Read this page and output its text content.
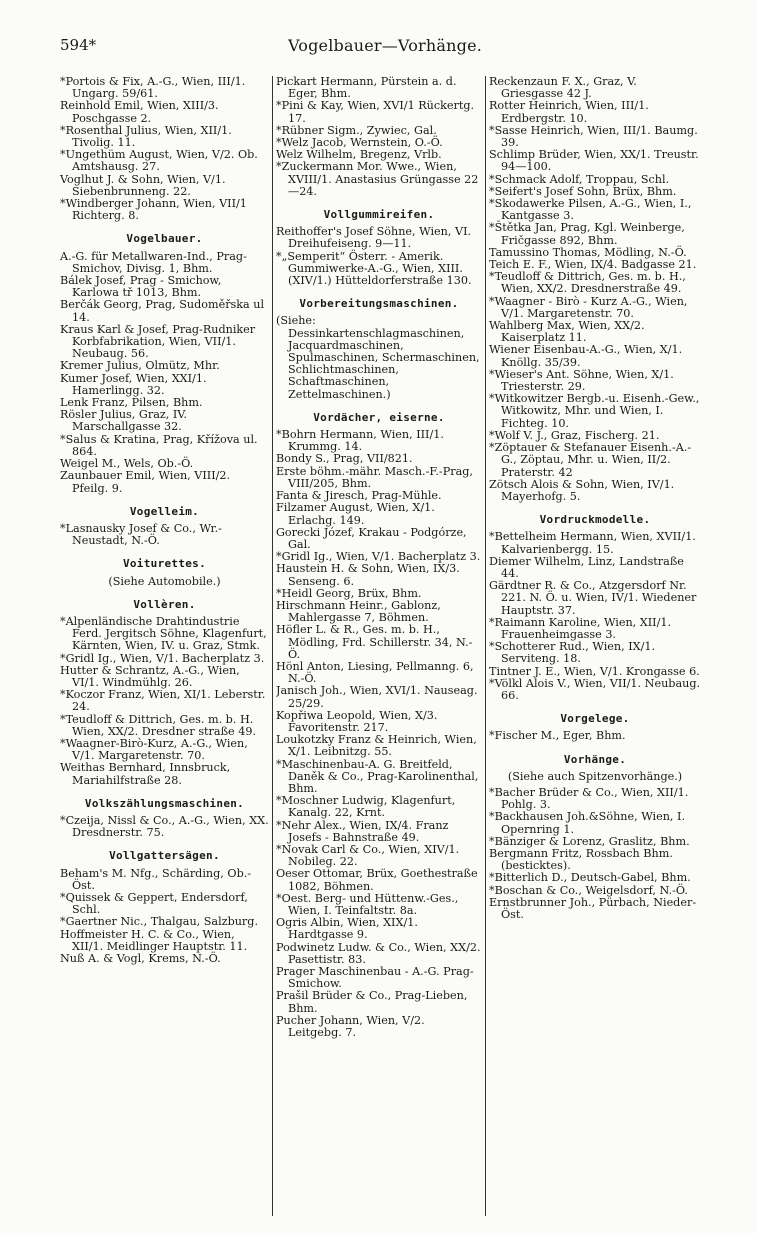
594*	Vogelbauer—Vorhänge.

*Portois & Fix, A.-G., Wien, III/1. Ungarg. 59/61.

Reinhold Emil, Wien, XIII/3. Poschgasse 2.

*Rosenthal Julius, Wien, XII/1. Tivolig. 11.

*Ungethüm August, Wien, V/2. Ob. Amtshausg. 27.

Voglhut J. & Sohn, Wien, V/1. Siebenbrunneng. 22.

*Windberger Johann, Wien, VII/1 Richterg. 8.

Vogelbauer.

A.-G. für Metallwaren-Ind., Prag-Smichov, Divisg. 1, Bhm.

Bálek Josef, Prag - Smichow, Karlowa tř 1013, Bhm.

Berčák Georg, Prag, Sudoměřska ul 14.

Kraus Karl & Josef, Prag-Rudniker Korbfabrikation, Wien, VII/1. Neubaug. 56.

Kremer Julius, Olmütz, Mhr.

Kumer Josef, Wien, XXI/1. Hamerlingg. 32.

Lenk Franz, Pilsen, Bhm.

Rösler Julius, Graz, IV. Marschallgasse 32.

*Salus & Kratina, Prag, Křížova ul. 864.

Weigel M., Wels, Ob.-Ö.

Zaunbauer Emil, Wien, VIII/2. Pfeilg. 9.

Vogelleim.

*Lasnausky Josef & Co., Wr.-Neustadt, N.-Ö.

Voiturettes.
(Siehe Automobile.)
Vollèren.

*Alpenländische Drahtindustrie Ferd. Jergitsch Söhne, Klagenfurt, Kärnten, Wien, IV. u. Graz, Stmk.

*Gridl Ig., Wien, V/1. Bacherplatz 3.

Hutter & Schrantz, A.-G., Wien, VI/1. Windmühlg. 26.

*Koczor Franz, Wien, XI/1. Leberstr. 24.

*Teudloff & Dittrich, Ges. m. b. H. Wien, XX/2. Dresdner straße 49.

*Waagner-Birò-Kurz, A.-G., Wien, V/1. Margaretenstr. 70.

Weithas Bernhard, Innsbruck, Mariahilfstraße 28.

Volkszählungsmaschinen.

*Czeija, Nissl & Co., A.-G., Wien, XX. Dresdnerstr. 75.

Vollgattersägen.

Beham's M. Nfg., Schärding, Ob.-Öst.

*Quissek & Geppert, Endersdorf, Schl.

*Gaertner Nic., Thalgau, Salzburg.

Hoffmeister H. C. & Co., Wien, XII/1. Meidlinger Hauptstr. 11.

Nuß A. & Vogl, Krems, N.-Ö.

Pickart Hermann, Pürstein a. d. Eger, Bhm.

*Pini & Kay, Wien, XVI/1 Rückertg. 17.

*Rübner Sigm., Zywiec, Gal.

*Welz Jacob, Wernstein, O.-Ö.

Welz Wilhelm, Bregenz, Vrlb.

*Zuckermann Mor. Wwe., Wien, XVIII/1. Anastasius Grüngasse 22—24.

Vollgummireifen.

Reithoffer's Josef Söhne, Wien, VI. Dreihufeiseng. 9—11.

*„Semperit“ Österr. - Amerik. Gummiwerke-A.-G., Wien, XIII. (XIV/1.) Hütteldorferstraße 130.

Vorbereitungsmaschinen.

(Siehe: Dessinkartenschlagmaschinen, Jacquardmaschinen, Spulmaschinen, Schermaschinen, Schlichtmaschinen, Schaftmaschinen, Zettelmaschinen.)

Vordächer, eiserne.

*Bohrn Hermann, Wien, III/1. Krummg. 14.

Bondy S., Prag, VII/821.

Erste böhm.-mähr. Masch.-F.-Prag, VIII/205, Bhm.

Fanta & Jiresch, Prag-Mühle.

Filzamer August, Wien, X/1. Erlachg. 149.

Gorecki Józef, Krakau - Podgórze, Gal.

*Gridl Ig., Wien, V/1. Bacherplatz 3.

Haustein H. & Sohn, Wien, IX/3. Senseng. 6.

*Heidl Georg, Brüx, Bhm.

Hirschmann Heinr., Gablonz, Mahlergasse 7, Böhmen.

Höfler L. & R., Ges. m. b. H., Mödling, Frd. Schillerstr. 34, N.-Ö.

Hönl Anton, Liesing, Pellmanng. 6, N.-Ö.

Janisch Joh., Wien, XVI/1. Nauseag. 25/29.

Kopřiwa Leopold, Wien, X/3. Favoritenstr. 217.

Loukotzky Franz & Heinrich, Wien, X/1. Leibnitzg. 55.

*Maschinenbau-A. G. Breitfeld, Daněk & Co., Prag-Karolinenthal, Bhm.

*Moschner Ludwig, Klagenfurt, Kanalg. 22, Krnt.

*Nehr Alex., Wien, IX/4. Franz Josefs - Bahnstraße 49.

*Novak Carl & Co., Wien, XIV/1. Nobileg. 22.

Oeser Ottomar, Brüx, Goethestraße 1082, Böhmen.

*Oest. Berg- und Hüttenw.-Ges., Wien, I. Teinfaltstr. 8a.

Ogris Albin, Wien, XIX/1. Hardtgasse 9.

Podwinetz Ludw. & Co., Wien, XX/2. Pasettistr. 83.

Prager Maschinenbau - A.-G. Prag-Smichow.

Prašil Brüder & Co., Prag-Lieben, Bhm.

Pucher Johann, Wien, V/2. Leitgebg. 7.

Reckenzaun F. X., Graz, V. Griesgasse 42 J.

Rotter Heinrich, Wien, III/1. Erdbergstr. 10.

*Sasse Heinrich, Wien, III/1. Baumg. 39.

Schlimp Brüder, Wien, XX/1. Treustr. 94—100.

*Schmack Adolf, Troppau, Schl.

*Seifert's Josef Sohn, Brüx, Bhm.

*Skodawerke Pilsen, A.-G., Wien, I., Kantgasse 3.

*Štětka Jan, Prag, Kgl. Weinberge, Fričgasse 892, Bhm.

Tamussino Thomas, Mödling, N.-Ö.

Teich E. F., Wien, IX/4. Badgasse 21.

*Teudloff & Dittrich, Ges. m. b. H., Wien, XX/2. Dresdnerstraße 49.

*Waagner - Birò - Kurz A.-G., Wien, V/1. Margaretenstr. 70.

Wahlberg Max, Wien, XX/2. Kaiserplatz 11.

Wiener Eisenbau-A.-G., Wien, X/1. Knöllg. 35/39.

*Wieser's Ant. Söhne, Wien, X/1. Triesterstr. 29.

*Witkowitzer Bergb.-u. Eisenh.-Gew., Witkowitz, Mhr. und Wien, I. Fichteg. 10.

*Wolf V. J., Graz, Fischerg. 21.

*Zöptauer & Stefanauer Eisenh.-A.-G., Zöptau, Mhr. u. Wien, II/2. Praterstr. 42

Zötsch Alois & Sohn, Wien, IV/1. Mayerhofg. 5.

Vordruckmodelle.

*Bettelheim Hermann, Wien, XVII/1. Kalvarienbergg. 15.

Diemer Wilhelm, Linz, Landstraße 44.

Gärdtner R. & Co., Atzgersdorf Nr. 221. N. Ö. u. Wien, IV/1. Wiedener Hauptstr. 37.

*Raimann Karoline, Wien, XII/1. Frauenheimgasse 3.

*Schotterer Rud., Wien, IX/1. Serviteng. 18.

Tintner J. E., Wien, V/1. Krongasse 6.

*Völkl Alois V., Wien, VII/1. Neubaug. 66.

Vorgelege.

*Fischer M., Eger, Bhm.

Vorhänge.
(Siehe auch Spitzenvorhänge.)

*Bacher Brüder & Co., Wien, XII/1. Pohlg. 3.

*Backhausen Joh.&Söhne, Wien, I. Opernring 1.

*Bänziger & Lorenz, Graslitz, Bhm.

Bergmann Fritz, Rossbach Bhm. (besticktes).

*Bitterlich D., Deutsch-Gabel, Bhm.

*Boschan & Co., Weigelsdorf, N.-Ö.

Ernstbrunner Joh., Pürbach, Nieder-Öst.
